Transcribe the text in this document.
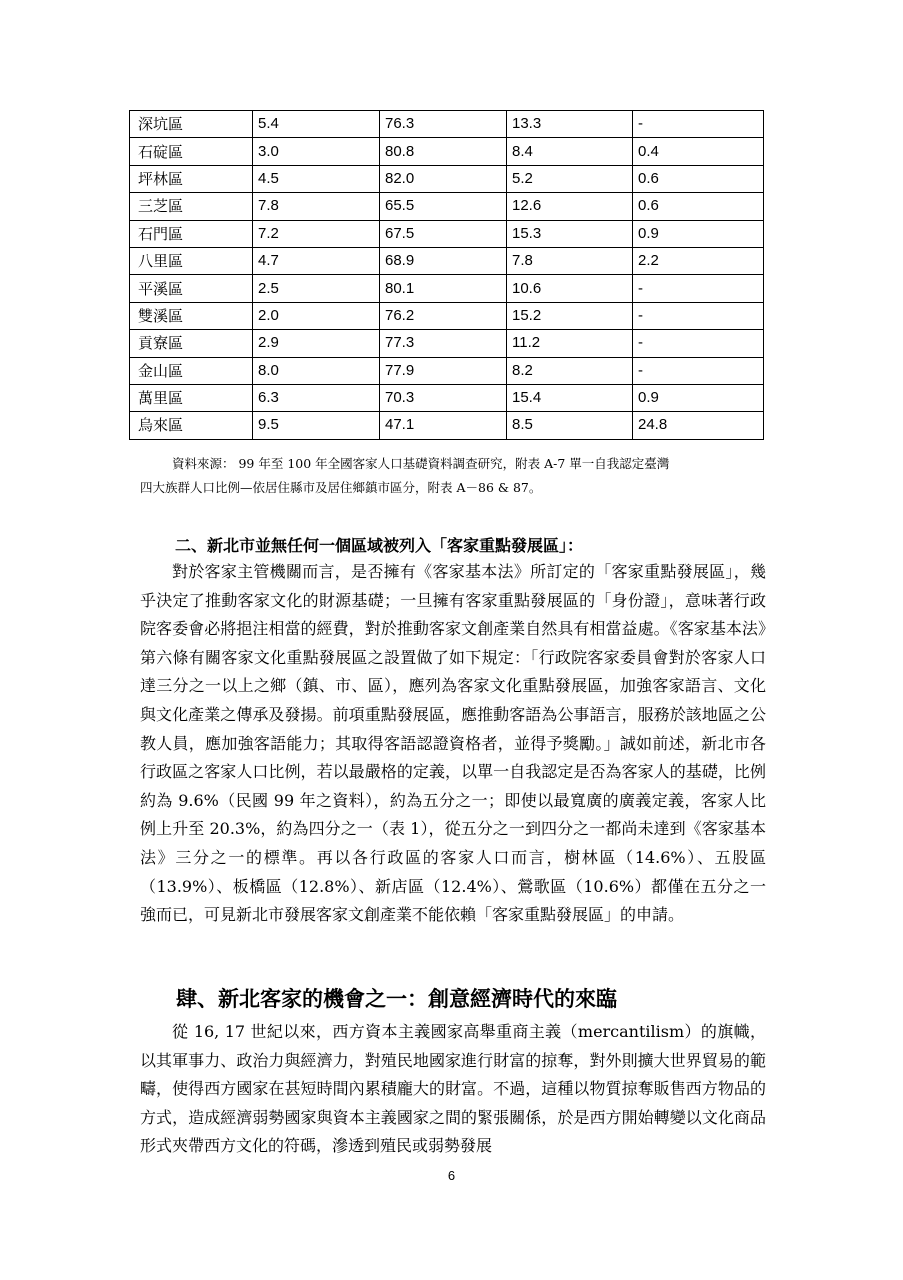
深坑區	5.4	76.3	13.3	-
石碇區	3.0	80.8	8.4	0.4
坪林區	4.5	82.0	5.2	0.6
三芝區	7.8	65.5	12.6	0.6
石門區	7.2	67.5	15.3	0.9
八里區	4.7	68.9	7.8	2.2
平溪區	2.5	80.1	10.6	-
雙溪區	2.0	76.2	15.2	-
貢寮區	2.9	77.3	11.2	-
金山區	8.0	77.9	8.2	-
萬里區	6.3	70.3	15.4	0.9
烏來區	9.5	47.1	8.5	24.8

資料來源： 99 年至 100 年全國客家人口基礎資料調查研究，附表 A-7 單一自我認定臺灣

四大族群人口比例—依居住縣市及居住鄉鎮市區分，附表 A－86 & 87。

二、新北市並無任何一個區域被列入「客家重點發展區」：

對於客家主管機關而言，是否擁有《客家基本法》所訂定的「客家重點發展區」，幾乎決定了推動客家文化的財源基礎；一旦擁有客家重點發展區的「身份證」，意味著行政院客委會必將挹注相當的經費，對於推動客家文創產業自然具有相當益處。《客家基本法》第六條有關客家文化重點發展區之設置做了如下規定：「行政院客家委員會對於客家人口達三分之一以上之鄉（鎮、市、區），應列為客家文化重點發展區，加強客家語言、文化與文化產業之傳承及發揚。前項重點發展區，應推動客語為公事語言，服務於該地區之公教人員，應加強客語能力；其取得客語認證資格者，並得予獎勵。」誠如前述，新北市各行政區之客家人口比例，若以最嚴格的定義，以單一自我認定是否為客家人的基礎，比例約為 9.6%（民國 99 年之資料），約為五分之一；即使以最寬廣的廣義定義，客家人比例上升至 20.3%，約為四分之一（表 1），從五分之一到四分之一都尚未達到《客家基本法》三分之一的標準。再以各行政區的客家人口而言，樹林區（14.6%）、五股區（13.9%）、板橋區（12.8%）、新店區（12.4%）、鶯歌區（10.6%）都僅在五分之一強而已，可見新北市發展客家文創產業不能依賴「客家重點發展區」的申請。

肆、新北客家的機會之一：創意經濟時代的來臨

從 16, 17 世紀以來，西方資本主義國家高舉重商主義（mercantilism）的旗幟，以其軍事力、政治力與經濟力，對殖民地國家進行財富的掠奪，對外則擴大世界貿易的範疇，使得西方國家在甚短時間內累積龐大的財富。不過，這種以物質掠奪販售西方物品的方式，造成經濟弱勢國家與資本主義國家之間的緊張關係，於是西方開始轉變以文化商品形式夾帶西方文化的符碼，滲透到殖民或弱勢發展

6
